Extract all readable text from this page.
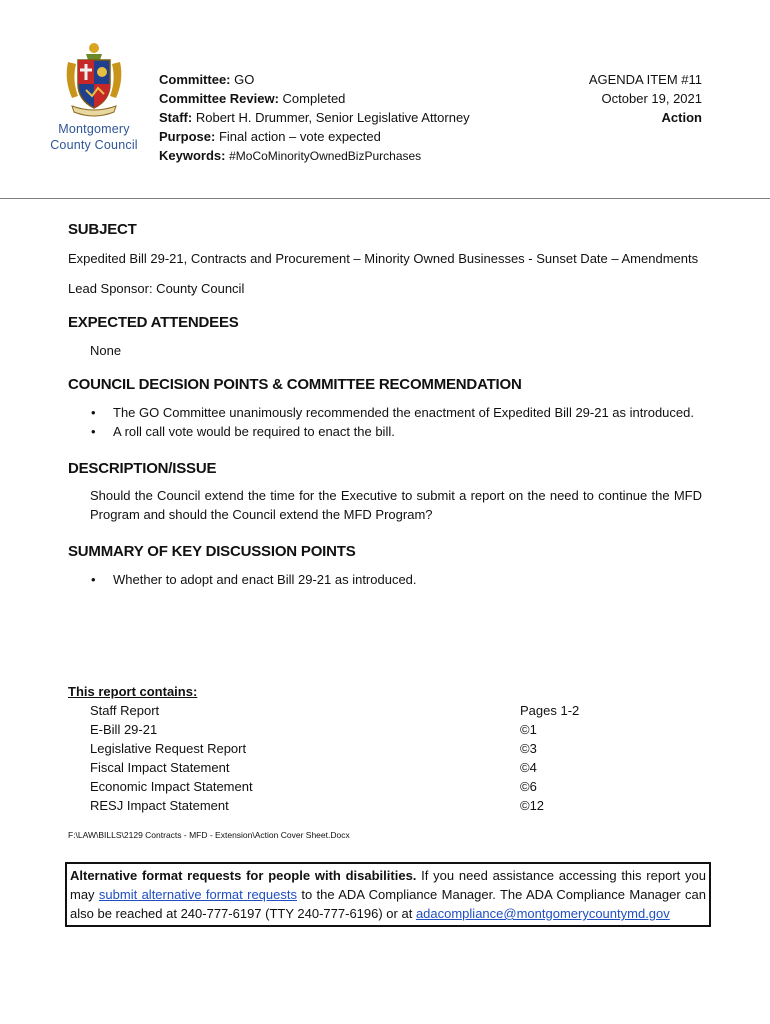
Montgomery
County Council
Committee: GO
Committee Review: Completed
Staff: Robert H. Drummer, Senior Legislative Attorney
Purpose: Final action – vote expected
Keywords: #MoCoMinorityOwnedBizPurchases
AGENDA ITEM #11
October 19, 2021
Action
SUBJECT

Expedited Bill 29-21, Contracts and Procurement – Minority Owned Businesses - Sunset Date – Amendments

Lead Sponsor: County Council

EXPECTED ATTENDEES

None

COUNCIL DECISION POINTS & COMMITTEE RECOMMENDATION
• The GO Committee unanimously recommended the enactment of Expedited Bill 29-21 as introduced.
• A roll call vote would be required to enact the bill.
DESCRIPTION/ISSUE

Should the Council extend the time for the Executive to submit a report on the need to continue the MFD Program and should the Council extend the MFD Program?

SUMMARY OF KEY DISCUSSION POINTS
• Whether to adopt and enact Bill 29-21 as introduced.
This report contains:
Staff Report	Pages 1-2
E-Bill 29-21	©1
Legislative Request Report	©3
Fiscal Impact Statement	©4
Economic Impact Statement	©6
RESJ Impact Statement	©12
F:\LAW\BILLS\2129 Contracts - MFD - Extension\Action Cover Sheet.Docx
Alternative format requests for people with disabilities. If you need assistance accessing this report you may submit alternative format requests to the ADA Compliance Manager. The ADA Compliance Manager can also be reached at 240-777-6197 (TTY 240-777-6196) or at adacompliance@montgomerycountymd.gov
